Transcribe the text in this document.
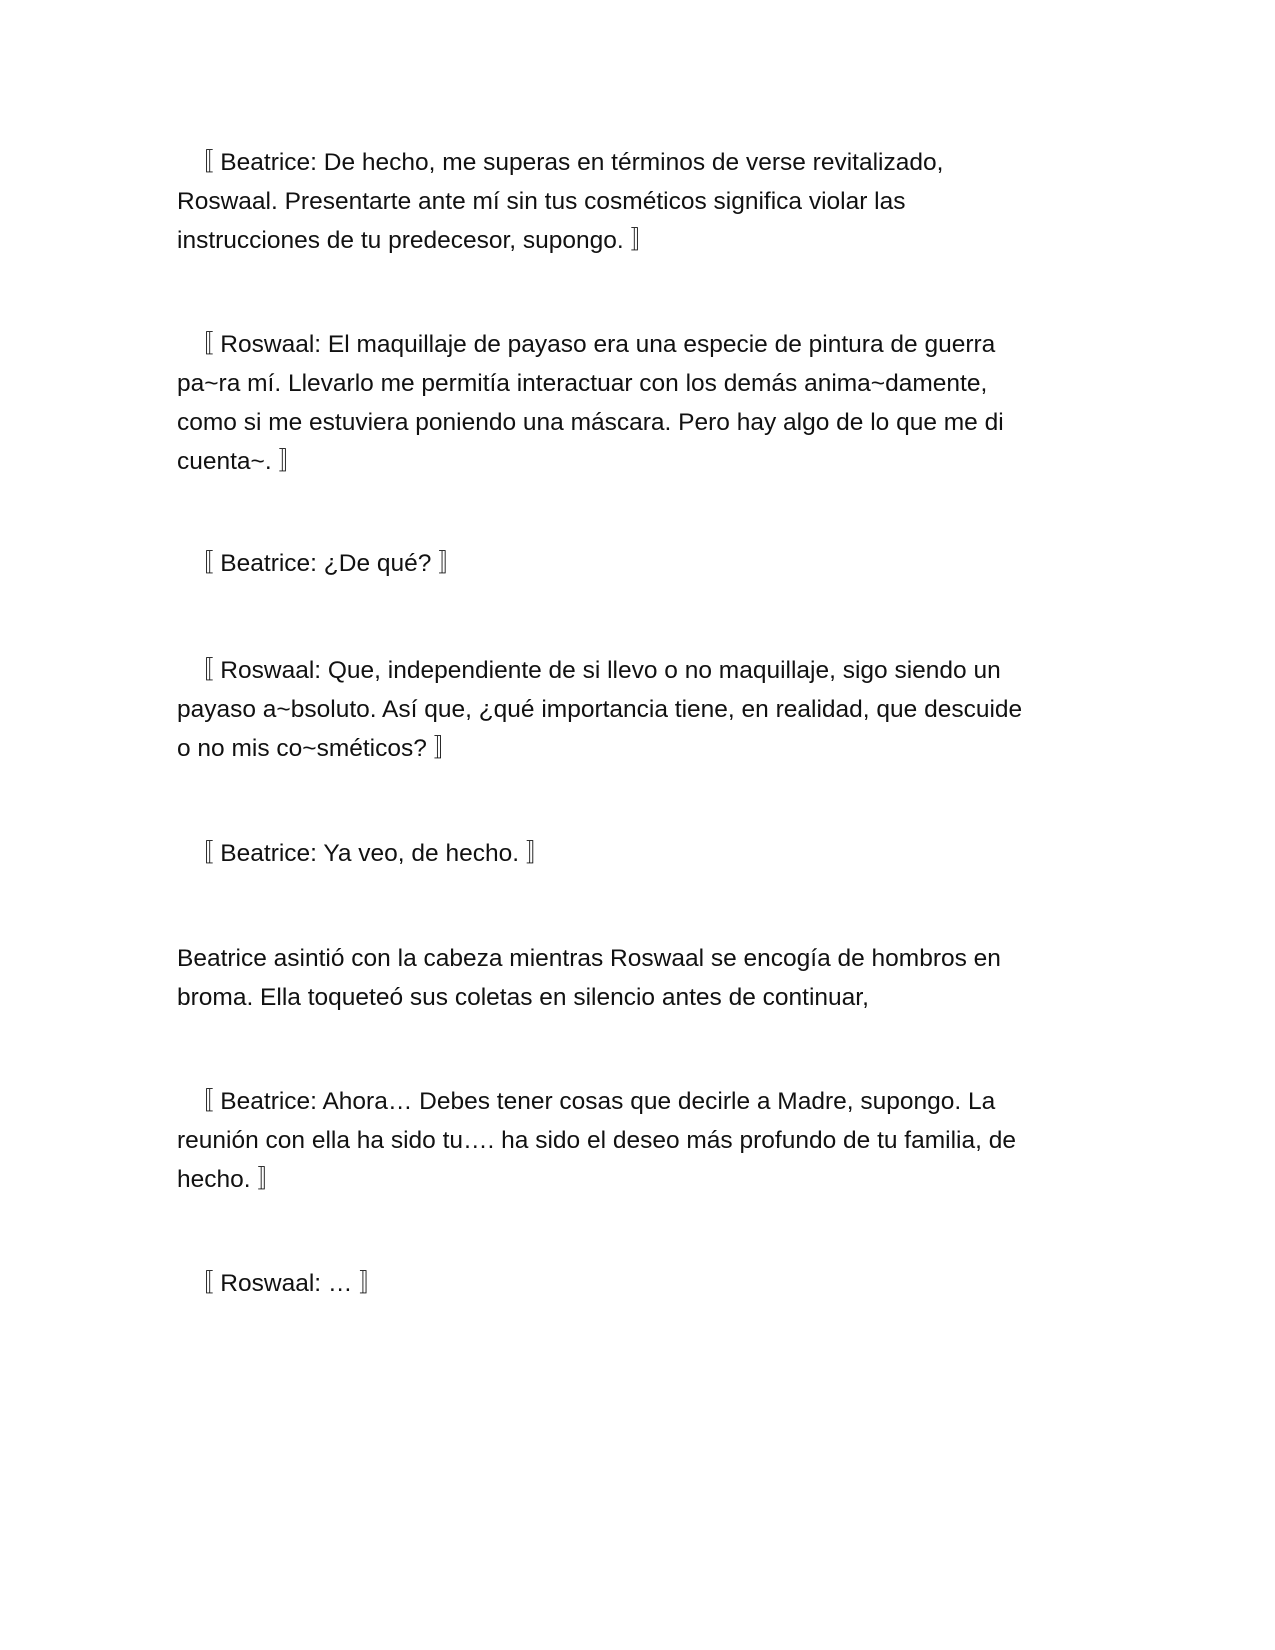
〚 Beatrice: De hecho, me superas en términos de verse revitalizado,
Roswaal. Presentarte ante mí sin tus cosméticos significa violar las
instrucciones de tu predecesor, supongo. 〛

〚 Roswaal: El maquillaje de payaso era una especie de pintura de guerra
pa~ra mí. Llevarlo me permitía interactuar con los demás anima~damente,
como si me estuviera poniendo una máscara. Pero hay algo de lo que me di
cuenta~. 〛

〚 Beatrice: ¿De qué? 〛

〚 Roswaal: Que, independiente de si llevo o no maquillaje, sigo siendo un
payaso a~bsoluto. Así que, ¿qué importancia tiene, en realidad, que descuide
o no mis co~sméticos? 〛

〚 Beatrice: Ya veo, de hecho. 〛

Beatrice asintió con la cabeza mientras Roswaal se encogía de hombros en
broma. Ella toqueteó sus coletas en silencio antes de continuar,

〚 Beatrice: Ahora… Debes tener cosas que decirle a Madre, supongo. La
reunión con ella ha sido tu…. ha sido el deseo más profundo de tu familia, de
hecho. 〛

〚 Roswaal: … 〛
